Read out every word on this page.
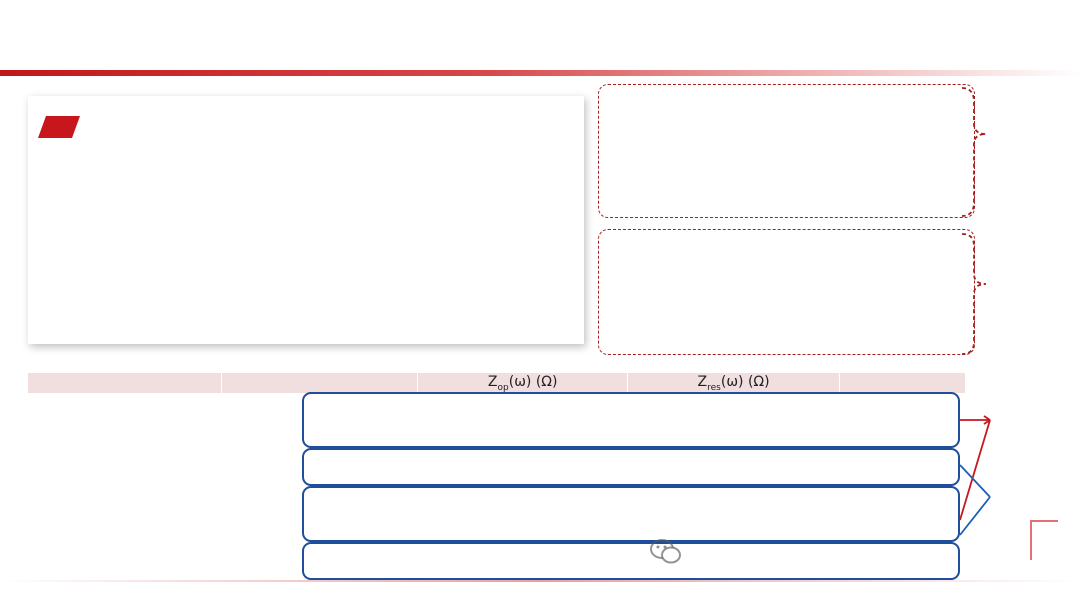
		$Z_{op}(\omega)$ (Ω)	$Z_{res}(\omega)$ (Ω)	
